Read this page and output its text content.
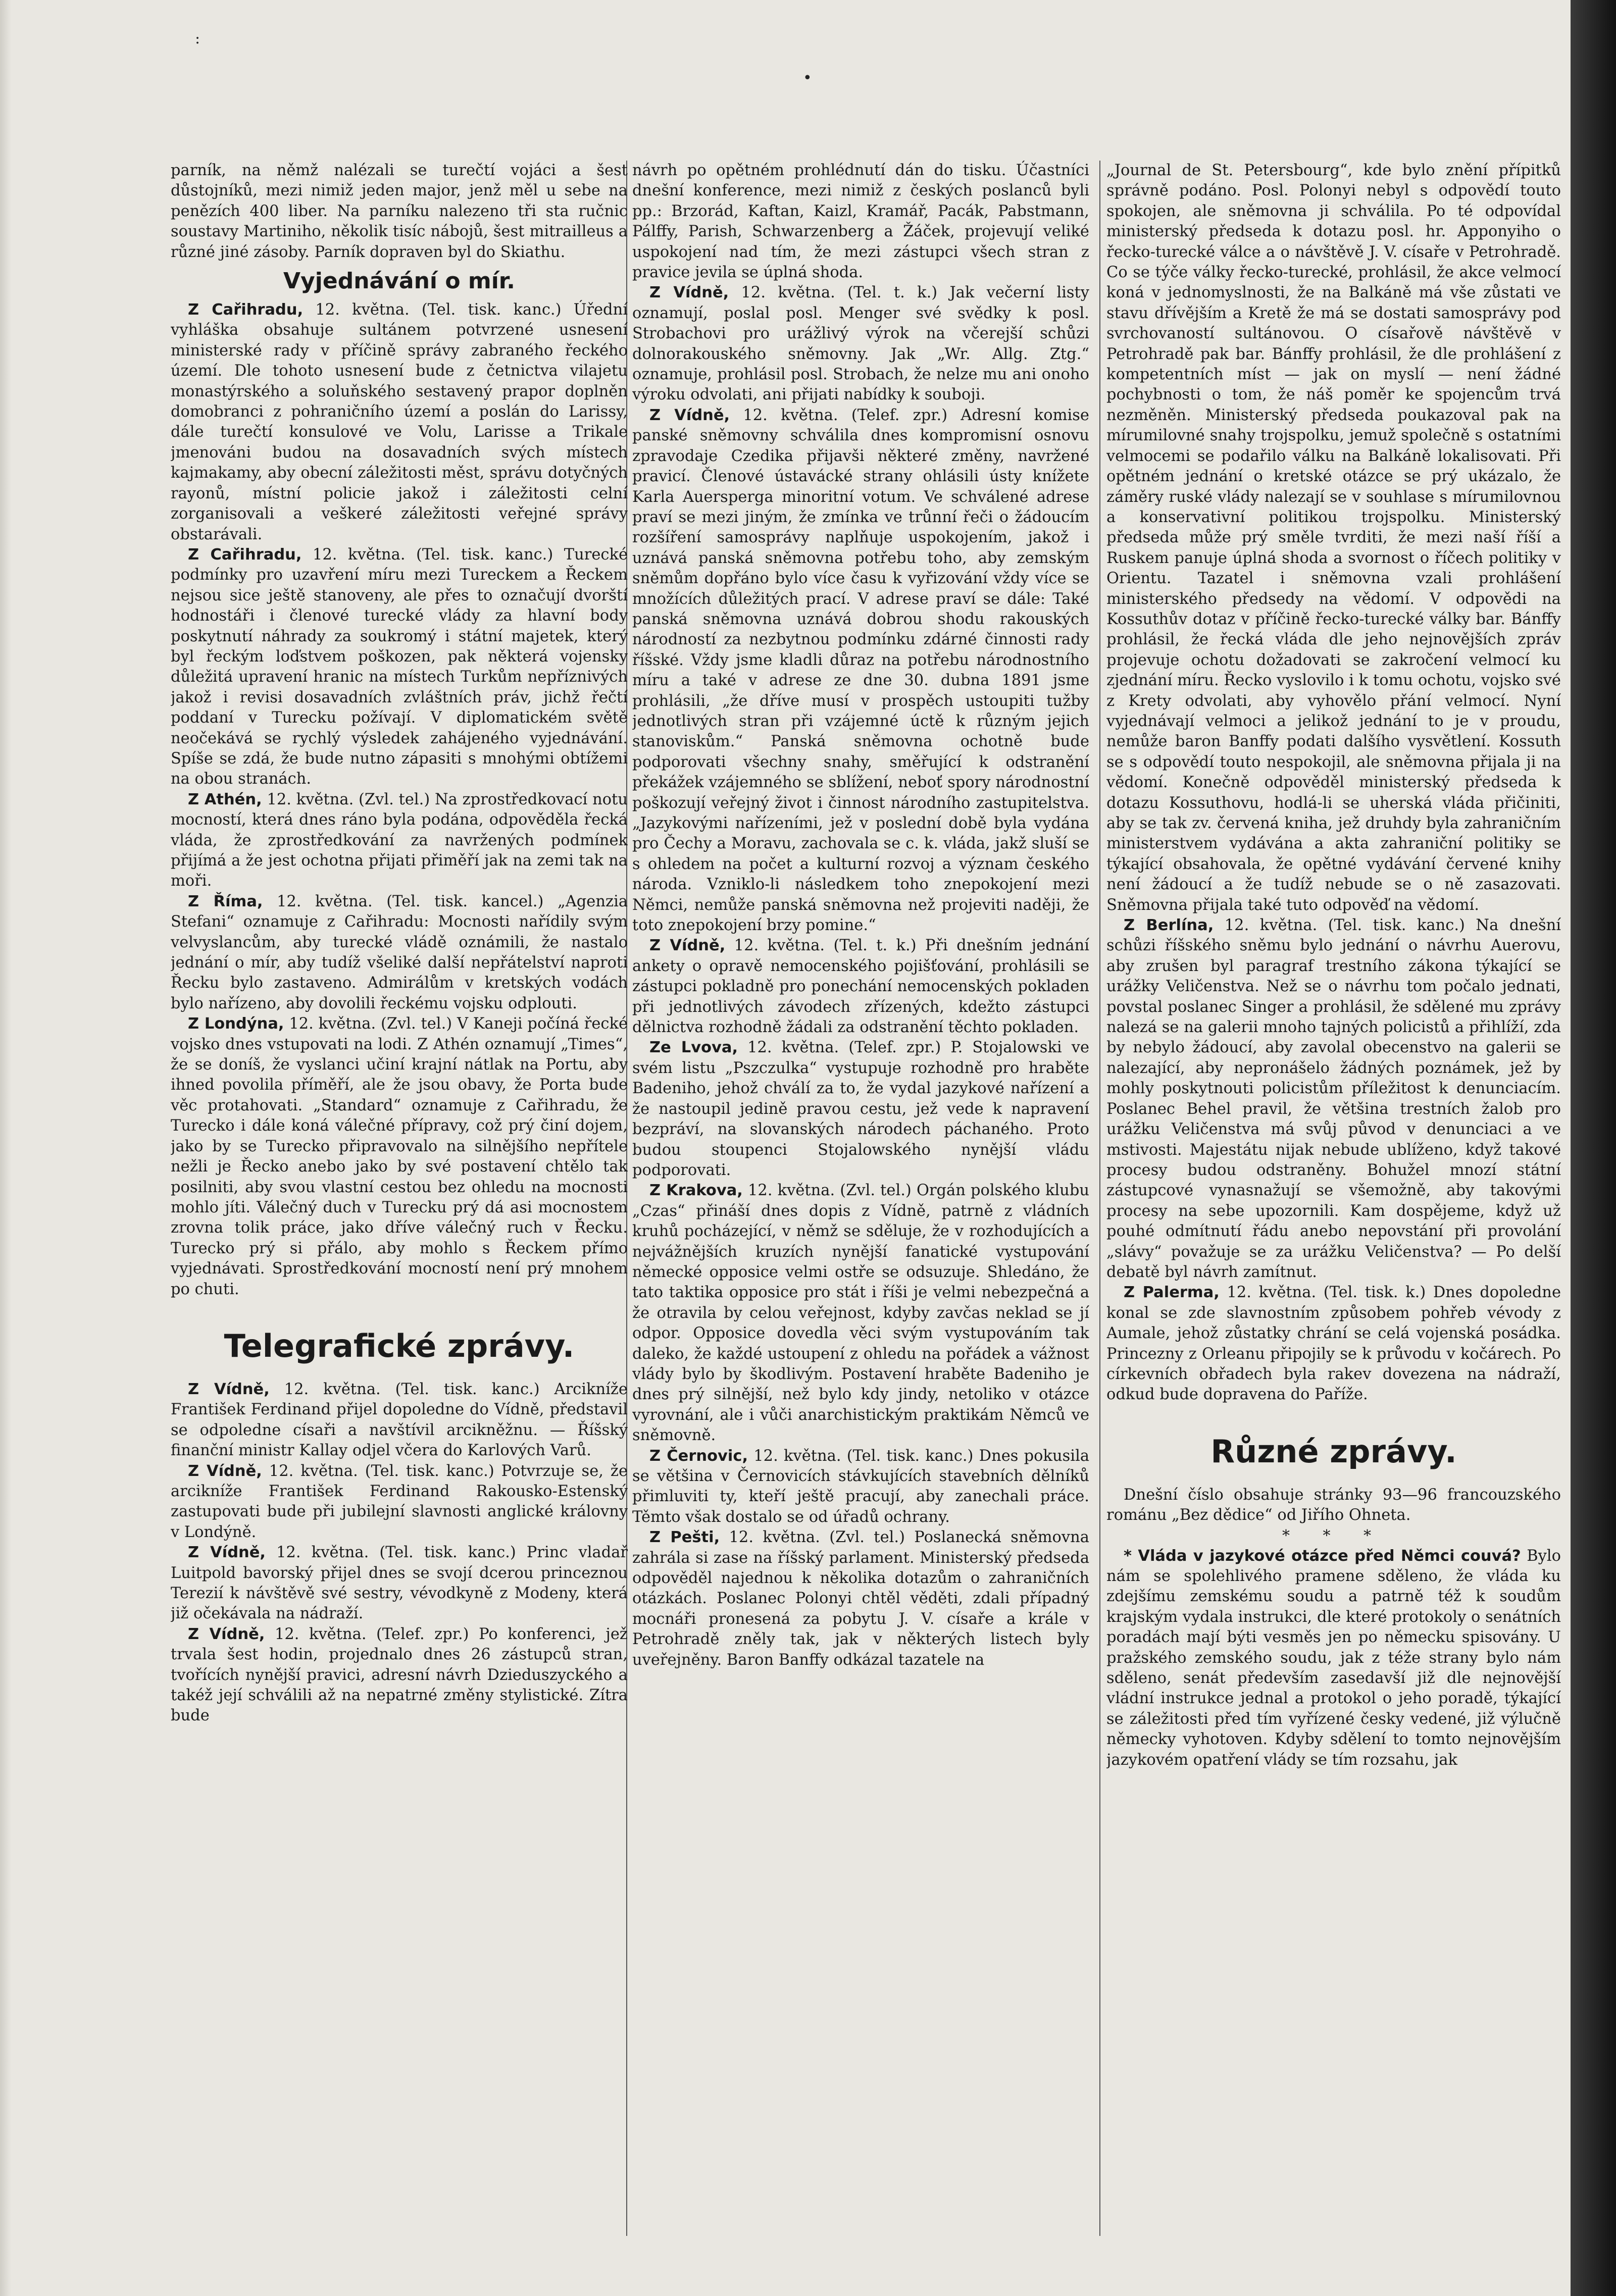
:
•

parník, na němž nalézali se turečtí vojáci a šest důstojníků, mezi nimiž jeden major, jenž měl u sebe na penězích 400 liber. Na parníku nalezeno tři sta ručnic soustavy Martiniho, několik tisíc nábojů, šest mitrailleus a různé jiné zásoby. Parník dopraven byl do Skiathu.

Vyjednávání o mír.

Z Cařihradu, 12. května. (Tel. tisk. kanc.) Úřední vyhláška obsahuje sultánem potvrzené usnesení ministerské rady v příčině správy zabraného řeckého území. Dle tohoto usnesení bude z četnictva vilajetu monastýrského a soluňského sestavený prapor doplněn domobranci z pohraničního území a poslán do Larissy, dále turečtí konsulové ve Volu, Larisse a Trikale jmenováni budou na dosavadních svých místech kajmakamy, aby obecní záležitosti měst, správu dotyčných rayonů, místní policie jakož i záležitosti celní zorganisovali a veškeré záležitosti veřejné správy obstarávali.

Z Cařihradu, 12. května. (Tel. tisk. kanc.) Turecké podmínky pro uzavření míru mezi Tureckem a Řeckem nejsou sice ještě stanoveny, ale přes to označují dvorští hodnostáři i členové turecké vlády za hlavní body poskytnutí náhrady za soukromý i státní majetek, který byl řeckým loďstvem poškozen, pak některá vojensky důležitá upravení hranic na místech Turkům nepříznivých jakož i revisi dosavadních zvláštních práv, jichž řečtí poddaní v Turecku požívají. V diplomatickém světě neočekává se rychlý výsledek zahájeného vyjednávání. Spíše se zdá, že bude nutno zápasiti s mnohými obtížemi na obou stranách.

Z Athén, 12. května. (Zvl. tel.) Na zprostředkovací notu mocností, která dnes ráno byla podána, odpověděla řecká vláda, že zprostředkování za navržených podmínek přijímá a že jest ochotna přijati přiměří jak na zemi tak na moři.

Z Říma, 12. května. (Tel. tisk. kancel.) „Agenzia Stefani“ oznamuje z Cařihradu: Mocnosti nařídily svým velvyslancům, aby turecké vládě oznámili, že nastalo jednání o mír, aby tudíž všeliké další nepřátelství naproti Řecku bylo zastaveno. Admirálům v kretských vodách bylo nařízeno, aby dovolili řeckému vojsku odplouti.

Z Londýna, 12. května. (Zvl. tel.) V Kaneji počíná řecké vojsko dnes vstupovati na lodi. Z Athén oznamují „Times“, že se doníš, že vyslanci učiní krajní nátlak na Portu, aby ihned povolila příměří, ale že jsou obavy, že Porta bude věc protahovati. „Standard“ oznamuje z Cařihradu, že Turecko i dále koná válečné přípravy, což prý činí dojem, jako by se Turecko připravovalo na silnějšího nepřítele nežli je Řecko anebo jako by své postavení chtělo tak posilniti, aby svou vlastní cestou bez ohledu na mocnosti mohlo jíti. Válečný duch v Turecku prý dá asi mocnostem zrovna tolik práce, jako dříve válečný ruch v Řecku. Turecko prý si přálo, aby mohlo s Řeckem přímo vyjednávati. Sprostředkování mocností není prý mnohem po chuti.

Telegrafické zprávy.

Z Vídně, 12. května. (Tel. tisk. kanc.) Arcikníže František Ferdinand přijel dopoledne do Vídně, představil se odpoledne císaři a navštívil arcikněžnu. — Říšský finanční ministr Kallay odjel včera do Karlových Varů.

Z Vídně, 12. května. (Tel. tisk. kanc.) Potvrzuje se, že arcikníže František Ferdinand Rakousko-Estenský zastupovati bude při jubilejní slavnosti anglické královny v Londýně.

Z Vídně, 12. května. (Tel. tisk. kanc.) Princ vladař Luitpold bavorský přijel dnes se svojí dcerou princeznou Terezií k návštěvě své sestry, vévodkyně z Modeny, která již očekávala na nádraží.

Z Vídně, 12. května. (Telef. zpr.) Po konferenci, jež trvala šest hodin, projednalo dnes 26 zástupců stran, tvořících nynější pravici, adresní návrh Dzieduszyckého a takéž její schválili až na nepatrné změny stylistické. Zítra bude

návrh po opětném prohlédnutí dán do tisku. Účastníci dnešní konference, mezi nimiž z českých poslanců byli pp.: Brzorád, Kaftan, Kaizl, Kramář, Pacák, Pabstmann, Pálffy, Parish, Schwarzenberg a Žáček, projevují veliké uspokojení nad tím, že mezi zástupci všech stran z pravice jevila se úplná shoda.

Z Vídně, 12. května. (Tel. t. k.) Jak večerní listy oznamují, poslal posl. Menger své svědky k posl. Strobachovi pro urážlivý výrok na včerejší schůzi dolnorakouského sněmovny. Jak „Wr. Allg. Ztg.“ oznamuje, prohlásil posl. Strobach, že nelze mu ani onoho výroku odvolati, ani přijati nabídky k souboji.

Z Vídně, 12. května. (Telef. zpr.) Adresní komise panské sněmovny schválila dnes kompromisní osnovu zpravodaje Czedika přijavši některé změny, navržené pravicí. Členové ústavácké strany ohlásili ústy knížete Karla Auersperga minoritní votum. Ve schválené adrese praví se mezi jiným, že zmínka ve trůnní řeči o žádoucím rozšíření samosprávy naplňuje uspokojením, jakož i uznává panská sněmovna potřebu toho, aby zemským sněmům dopřáno bylo více času k vyřizování vždy více se množících důležitých prací. V adrese praví se dále: Také panská sněmovna uznává dobrou shodu rakouských národností za nezbytnou podmínku zdárné činnosti rady říšské. Vždy jsme kladli důraz na potřebu národnostního míru a také v adrese ze dne 30. dubna 1891 jsme prohlásili, „že dříve musí v prospěch ustoupiti tužby jednotlivých stran při vzájemné úctě k různým jejich stanoviskům.“ Panská sněmovna ochotně bude podporovati všechny snahy, směřující k odstranění překážek vzájemného se sblížení, neboť spory národnostní poškozují veřejný život i činnost národního zastupitelstva. „Jazykovými nařízeními, jež v poslední době byla vydána pro Čechy a Moravu, zachovala se c. k. vláda, jakž sluší se s ohledem na počet a kulturní rozvoj a význam českého národa. Vzniklo-li následkem toho znepokojení mezi Němci, nemůže panská sněmovna než projeviti naději, že toto znepokojení brzy pomine.“

Z Vídně, 12. května. (Tel. t. k.) Při dnešním jednání ankety o opravě nemocenského pojišťování, prohlásili se zástupci pokladně pro ponechání nemocenských pokladen při jednotlivých závodech zřízených, kdežto zástupci dělnictva rozhodně žádali za odstranění těchto pokladen.

Ze Lvova, 12. května. (Telef. zpr.) P. Stojalowski ve svém listu „Pszczulka“ vystupuje rozhodně pro hraběte Badeniho, jehož chválí za to, že vydal jazykové nařízení a že nastoupil jedině pravou cestu, jež vede k napravení bezpráví, na slovanských národech páchaného. Proto budou stoupenci Stojalowského nynější vládu podporovati.

Z Krakova, 12. května. (Zvl. tel.) Orgán polského klubu „Czas“ přináší dnes dopis z Vídně, patrně z vládních kruhů pocházející, v němž se sděluje, že v rozhodujících a nejvážnějších kruzích nynější fanatické vystupování německé opposice velmi ostře se odsuzuje. Shledáno, že tato taktika opposice pro stát i říši je velmi nebezpečná a že otravila by celou veřejnost, kdyby zavčas neklad se jí odpor. Opposice dovedla věci svým vystupováním tak daleko, že každé ustoupení z ohledu na pořádek a vážnost vlády bylo by škodlivým. Postavení hraběte Badeniho je dnes prý silnější, než bylo kdy jindy, netoliko v otázce vyrovnání, ale i vůči anarchistickým praktikám Němců ve sněmovně.

Z Černovic, 12. května. (Tel. tisk. kanc.) Dnes pokusila se většina v Černovicích stávkujících stavebních dělníků přimluviti ty, kteří ještě pracují, aby zanechali práce. Těmto však dostalo se od úřadů ochrany.

Z Pešti, 12. května. (Zvl. tel.) Poslanecká sněmovna zahrála si zase na říšský parlament. Ministerský předseda odpověděl najednou k několika dotazům o zahraničních otázkách. Poslanec Polonyi chtěl věděti, zdali případný mocnáři pronesená za pobytu J. V. císaře a krále v Petrohradě zněly tak, jak v některých listech byly uveřejněny. Baron Banffy odkázal tazatele na

„Journal de St. Petersbourg“, kde bylo znění přípitků správně podáno. Posl. Polonyi nebyl s odpovědí touto spokojen, ale sněmovna ji schválila. Po té odpovídal ministerský předseda k dotazu posl. hr. Apponyiho o řecko-turecké válce a o návštěvě J. V. císaře v Petrohradě. Co se týče války řecko-turecké, prohlásil, že akce velmocí koná v jednomyslnosti, že na Balkáně má vše zůstati ve stavu dřívějším a Kretě že má se dostati samosprávy pod svrchovaností sultánovou. O císařově návštěvě v Petrohradě pak bar. Bánffy prohlásil, že dle prohlášení z kompetentních míst — jak on myslí — není žádné pochybnosti o tom, že náš poměr ke spojencům trvá nezměněn. Ministerský předseda poukazoval pak na mírumilovné snahy trojspolku, jemuž společně s ostatními velmocemi se podařilo válku na Balkáně lokalisovati. Při opětném jednání o kretské otázce se prý ukázalo, že záměry ruské vlády nalezají se v souhlase s mírumilovnou a konservativní politikou trojspolku. Ministerský předseda může prý směle tvrditi, že mezi naší říší a Ruskem panuje úplná shoda a svornost o říčech politiky v Orientu. Tazatel i sněmovna vzali prohlášení ministerského předsedy na vědomí. V odpovědi na Kossuthův dotaz v příčině řecko-turecké války bar. Bánffy prohlásil, že řecká vláda dle jeho nejnovějších zpráv projevuje ochotu dožadovati se zakročení velmocí ku zjednání míru. Řecko vyslovilo i k tomu ochotu, vojsko své z Krety odvolati, aby vyhovělo přání velmocí. Nyní vyjednávají velmoci a jelikož jednání to je v proudu, nemůže baron Banffy podati dalšího vysvětlení. Kossuth se s odpovědí touto nespokojil, ale sněmovna přijala ji na vědomí. Konečně odpověděl ministerský předseda k dotazu Kossuthovu, hodlá-li se uherská vláda přičiniti, aby se tak zv. červená kniha, jež druhdy byla zahraničním ministerstvem vydávána a akta zahraniční politiky se týkající obsahovala, že opětné vydávání červené knihy není žádoucí a že tudíž nebude se o ně zasazovati. Sněmovna přijala také tuto odpověď na vědomí.

Z Berlína, 12. května. (Tel. tisk. kanc.) Na dnešní schůzi říšského sněmu bylo jednání o návrhu Auerovu, aby zrušen byl paragraf trestního zákona týkající se urážky Veličenstva. Než se o návrhu tom počalo jednati, povstal poslanec Singer a prohlásil, že sdělené mu zprávy nalezá se na galerii mnoho tajných policistů a přihlíží, zda by nebylo žádoucí, aby zavolal obecenstvo na galerii se nalezající, aby nepronášelo žádných poznámek, jež by mohly poskytnouti policistům příležitost k denunciacím. Poslanec Behel pravil, že většina trestních žalob pro urážku Veličenstva má svůj původ v denunciaci a ve mstivosti. Majestátu nijak nebude ublíženo, když takové procesy budou odstraněny. Bohužel mnozí státní zástupcové vynasnažují se všemožně, aby takovými procesy na sebe upozornili. Kam dospějeme, když už pouhé odmítnutí řádu anebo nepovstání při provolání „slávy“ považuje se za urážku Veličenstva? — Po delší debatě byl návrh zamítnut.

Z Palerma, 12. května. (Tel. tisk. k.) Dnes dopoledne konal se zde slavnostním způsobem pohřeb vévody z Aumale, jehož zůstatky chrání se celá vojenská posádka. Princezny z Orleanu připojily se k průvodu v kočárech. Po církevních obřadech byla rakev dovezena na nádraží, odkud bude dopravena do Paříže.

Různé zprávy.

Dnešní číslo obsahuje stránky 93—96 francouzského románu „Bez dědice“ od Jiřího Ohneta.

* * *

* Vláda v jazykové otázce před Němci couvá? Bylo nám se spolehlivého pramene sděleno, že vláda ku zdejšímu zemskému soudu a patrně též k soudům krajským vydala instrukci, dle které protokoly o senátních poradách mají býti vesměs jen po německu spisovány. U pražského zemského soudu, jak z téže strany bylo nám sděleno, senát především zasedavší již dle nejnovější vládní instrukce jednal a protokol o jeho poradě, týkající se záležitosti před tím vyřízené česky vedené, již výlučně německy vyhotoven. Kdyby sdělení to tomto nejnovějším jazykovém opatření vlády se tím rozsahu, jak
